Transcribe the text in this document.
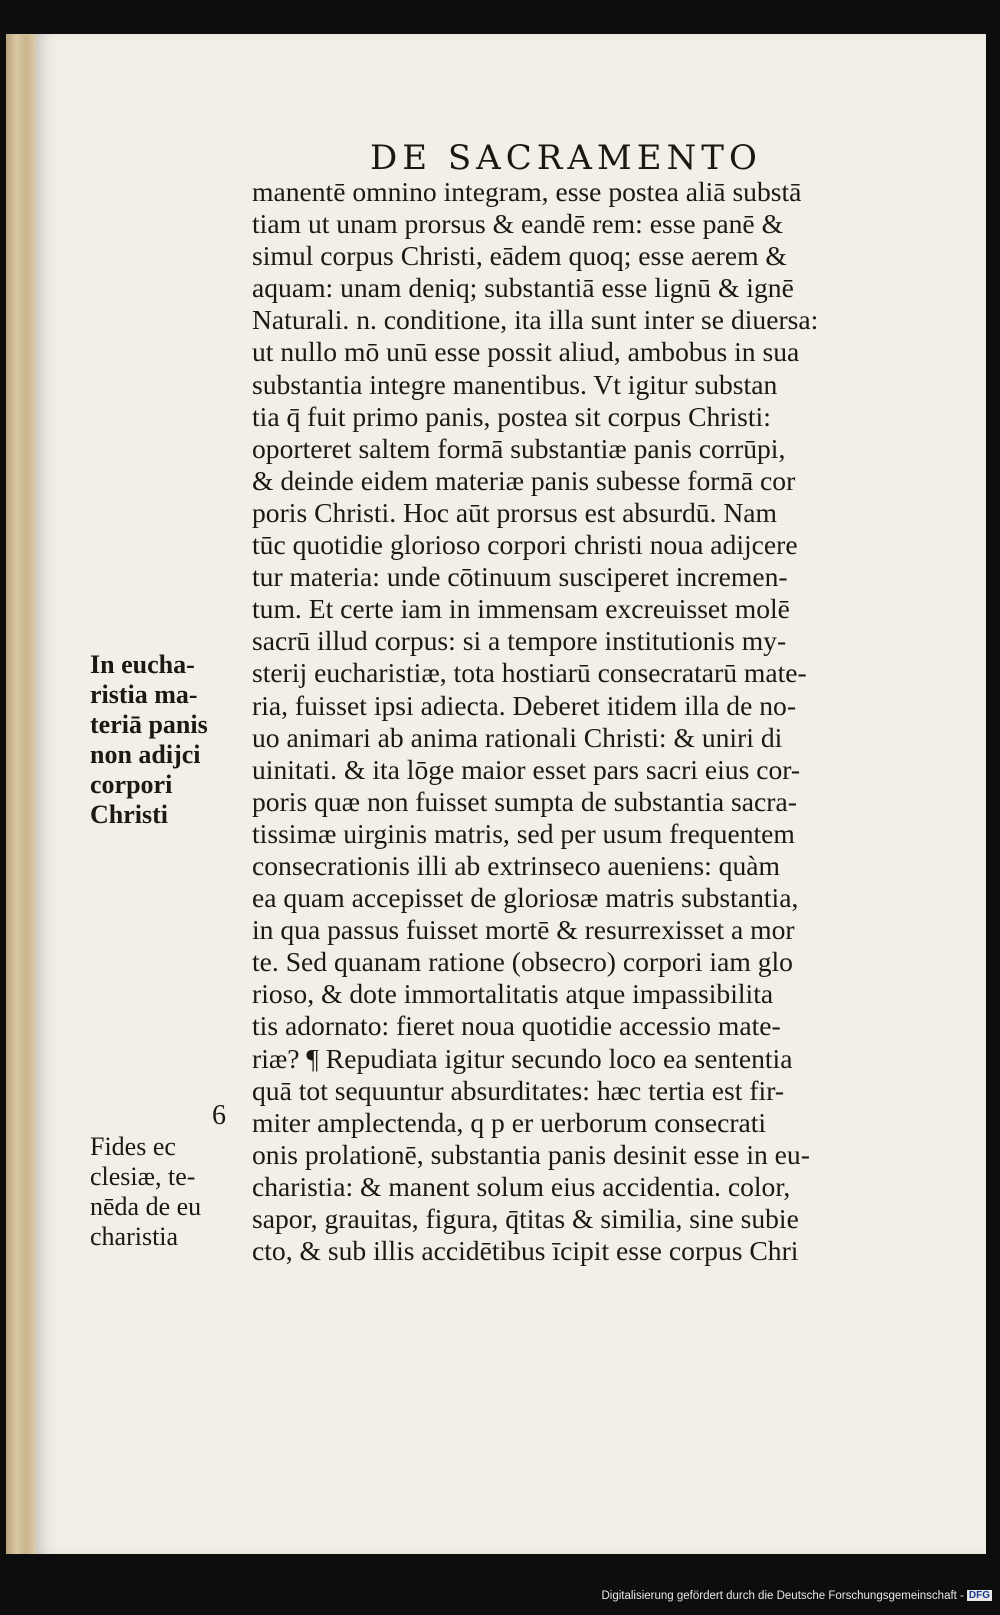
DE SACRAMENTO
manentē omnino integram, esse postea aliā substā
tiam ut unam prorsus & eandē rem: esse panē &
simul corpus Christi, eādem quoq; esse aerem &
aquam: unam deniq; substantiā esse lignū & ignē
Naturali. n. conditione, ita illa sunt inter se diuersa:
ut nullo mō unū esse possit aliud, ambobus in sua
substantia integre manentibus. Vt igitur substan
tia q̄ fuit primo panis, postea sit corpus Christi:
oporteret saltem formā substantiæ panis corrūpi,
& deinde eidem materiæ panis subesse formā cor
poris Christi. Hoc aūt prorsus est absurdū. Nam
tūc quotidie glorioso corpori christi noua adijcere
tur materia: unde cōtinuum susciperet incremen-
tum. Et certe iam in immensam excreuisset molē
sacrū illud corpus: si a tempore institutionis my-
sterij eucharistiæ, tota hostiarū consecratarū mate-
ria, fuisset ipsi adiecta. Deberet itidem illa de no-
uo animari ab anima rationali Christi: & uniri di
uinitati. & ita lōge maior esset pars sacri eius cor-
poris quæ non fuisset sumpta de substantia sacra-
tissimæ uirginis matris, sed per usum frequentem
consecrationis illi ab extrinseco aueniens: quàm
ea quam accepisset de gloriosæ matris substantia,
in qua passus fuisset mortē & resurrexisset a mor
te. Sed quanam ratione (obsecro) corpori iam glo
rioso, & dote immortalitatis atque impassibilita
tis adornato: fieret noua quotidie accessio mate-
riæ? ¶ Repudiata igitur secundo loco ea sententia
quā tot sequuntur absurditates: hæc tertia est fir-
miter amplectenda, q p er uerborum consecrati
onis prolationē, substantia panis desinit esse in eu-
charistia: & manent solum eius accidentia. color,
sapor, grauitas, figura, q̄titas & similia, sine subie
cto, & sub illis accidētibus īcipit esse corpus Chri
In eucha-
ristia ma-
teriā panis
non adijci
corpori
Christi
6
Fides ec
clesiæ, te-
nēda de eu
charistia
Digitalisierung gefördert durch die Deutsche Forschungsgemeinschaft - DFG
